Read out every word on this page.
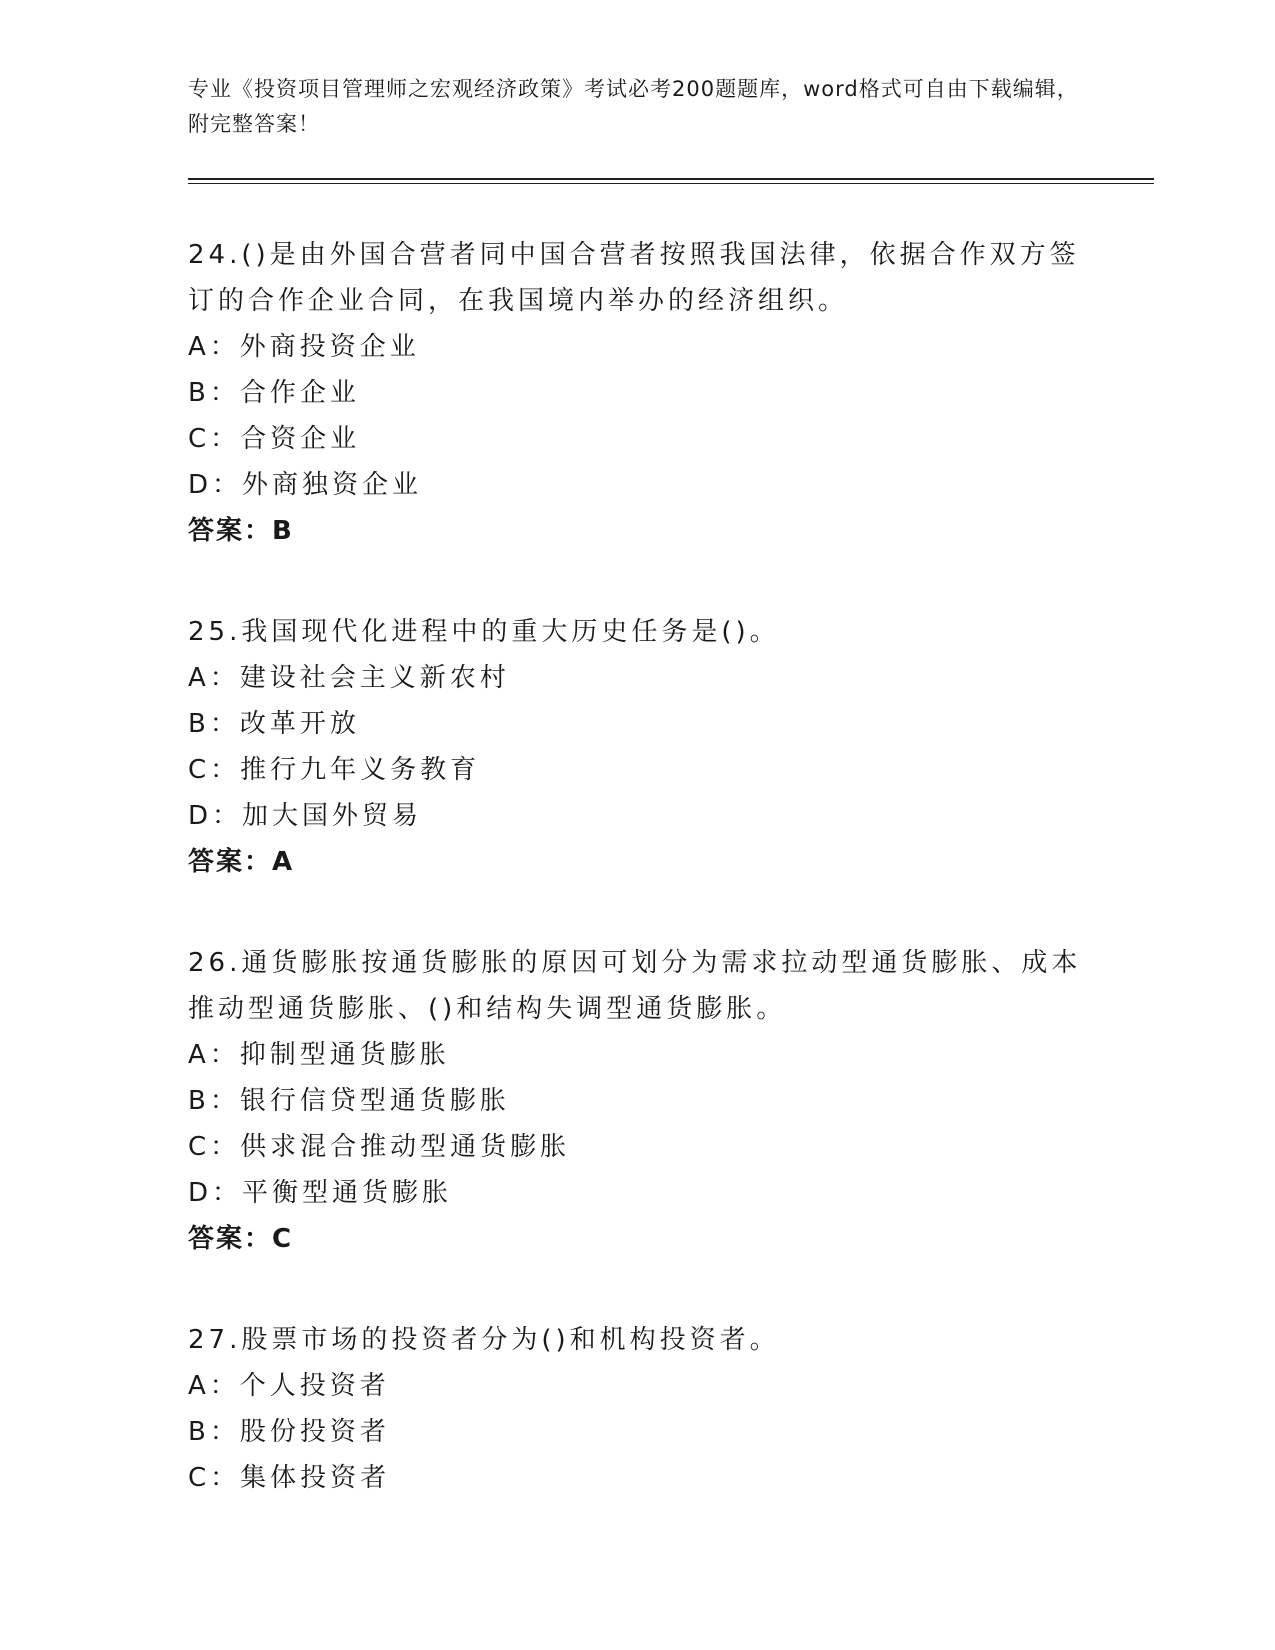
专业《投资项目管理师之宏观经济政策》考试必考200题题库，word格式可自由下载编辑，附完整答案！

24.()是由外国合营者同中国合营者按照我国法律，依据合作双方签订的合作企业合同，在我国境内举办的经济组织。

A：外商投资企业

B：合作企业

C：合资企业

D：外商独资企业

答案：B

25.我国现代化进程中的重大历史任务是()。

A：建设社会主义新农村

B：改革开放

C：推行九年义务教育

D：加大国外贸易

答案：A

26.通货膨胀按通货膨胀的原因可划分为需求拉动型通货膨胀、成本推动型通货膨胀、()和结构失调型通货膨胀。

A：抑制型通货膨胀

B：银行信贷型通货膨胀

C：供求混合推动型通货膨胀

D：平衡型通货膨胀

答案：C

27.股票市场的投资者分为()和机构投资者。

A：个人投资者

B：股份投资者

C：集体投资者
